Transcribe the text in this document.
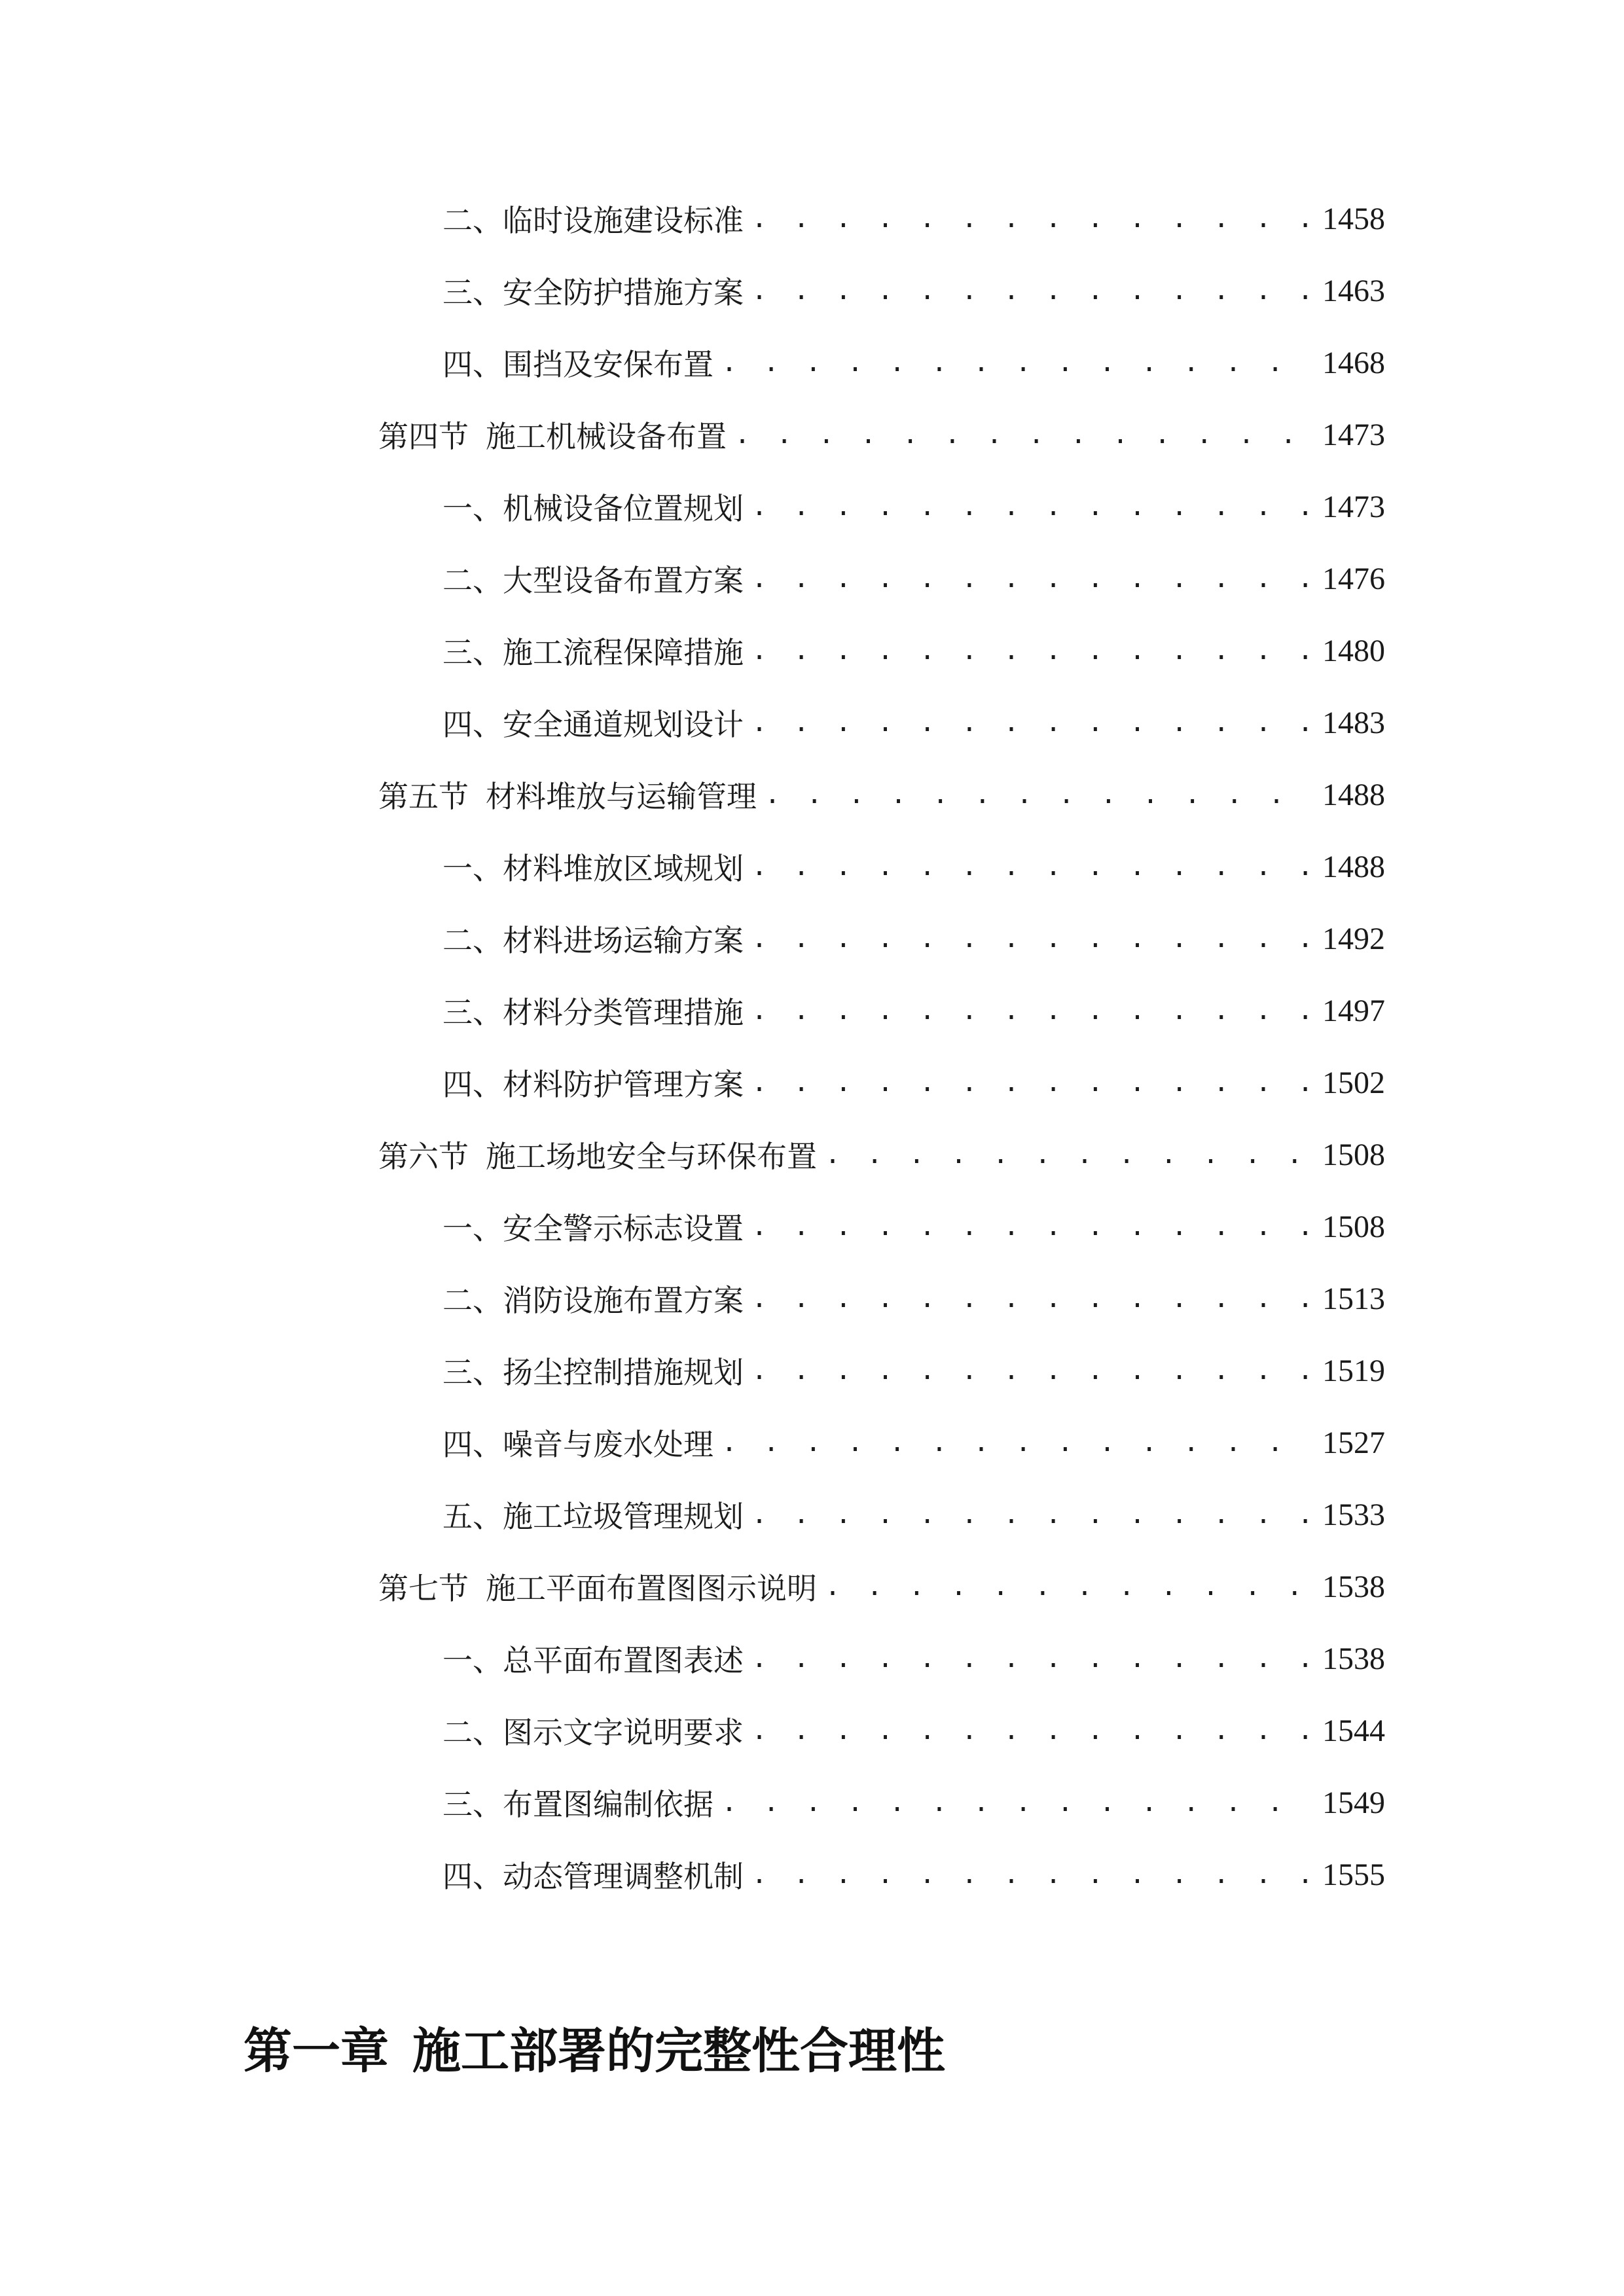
二、 临时设施建设标准 . . .	1458
三、 安全防护措施方案 . . .	1463
四、 围挡及安保布置 . . .	1468
第四节 施工机械设备布置 . . .	1473
一、 机械设备位置规划 . . .	1473
二、 大型设备布置方案 . . .	1476
三、 施工流程保障措施 . . .	1480
四、 安全通道规划设计 . . .	1483
第五节 材料堆放与运输管理 . . .	1488
一、 材料堆放区域规划 . . .	1488
二、 材料进场运输方案 . . .	1492
三、 材料分类管理措施 . . .	1497
四、 材料防护管理方案 . . .	1502
第六节 施工场地安全与环保布置 . . .	1508
一、 安全警示标志设置 . . .	1508
二、 消防设施布置方案 . . .	1513
三、 扬尘控制措施规划 . . .	1519
四、 噪音与废水处理 . . .	1527
五、 施工垃圾管理规划 . . .	1533
第七节 施工平面布置图图示说明 . . .	1538
一、 总平面布置图表述 . . .	1538
二、 图示文字说明要求 . . .	1544
三、 布置图编制依据 . . .	1549
四、 动态管理调整机制 . . .	1555
第一章 施工部署的完整性合理性
